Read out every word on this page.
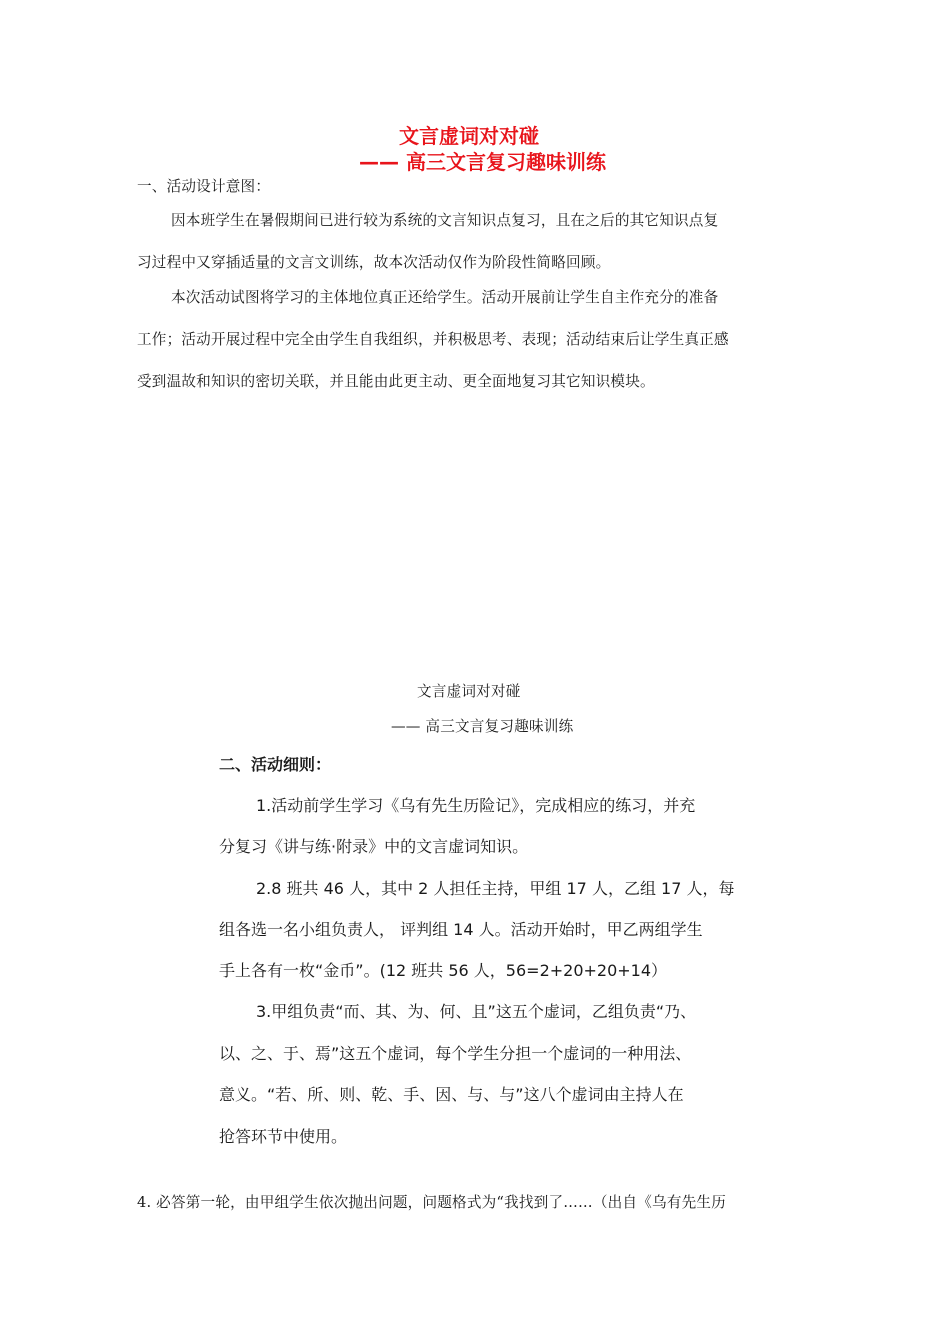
文言虚词对对碰
—— 高三文言复习趣味训练
一、活动设计意图：
因本班学生在暑假期间已进行较为系统的文言知识点复习，且在之后的其它知识点复
习过程中又穿插适量的文言文训练，故本次活动仅作为阶段性简略回顾。
本次活动试图将学习的主体地位真正还给学生。活动开展前让学生自主作充分的准备
工作；活动开展过程中完全由学生自我组织，并积极思考、表现；活动结束后让学生真正感
受到温故和知识的密切关联，并且能由此更主动、更全面地复习其它知识模块。
文言虚词对对碰
—— 高三文言复习趣味训练
二、活动细则：
1.活动前学生学习《乌有先生历险记》，完成相应的练习，并充
分复习《讲与练·附录》中的文言虚词知识。
2.8 班共 46 人，其中 2 人担任主持，甲组 17 人，乙组 17 人，每
组各选一名小组负责人， 评判组 14 人。活动开始时，甲乙两组学生
手上各有一枚“金币”。(12 班共 56 人，56=2+20+20+14）
3.甲组负责“而、其、为、何、且”这五个虚词，乙组负责“乃、
以、之、于、焉”这五个虚词，每个学生分担一个虚词的一种用法、
意义。“若、所、则、乾、手、因、与、与”这八个虚词由主持人在
抢答环节中使用。
4. 必答第一轮，由甲组学生依次抛出问题，问题格式为“我找到了……（出自《乌有先生历
